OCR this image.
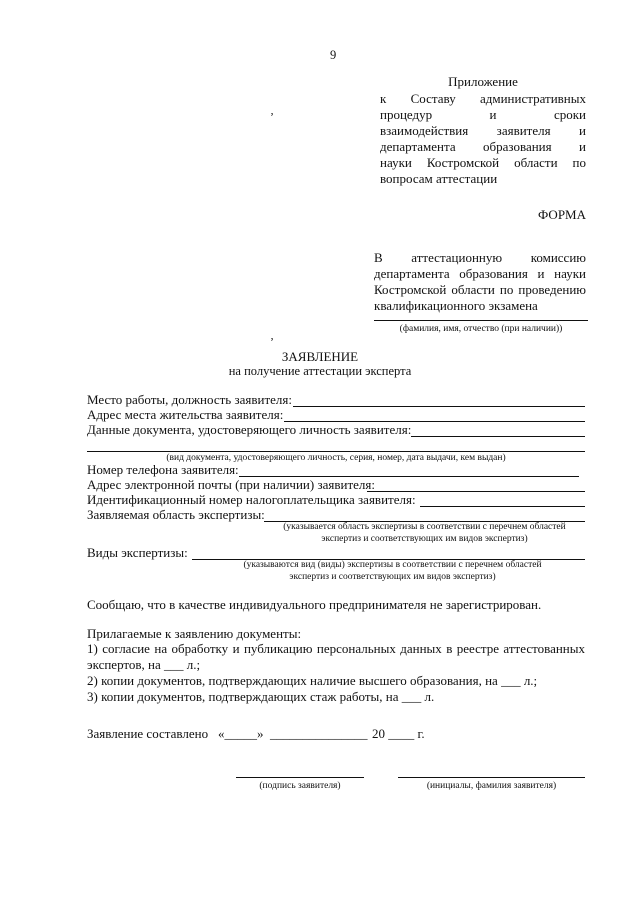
9
Приложение
к Составу административных
процедур и сроки
взаимодействия заявителя и
департамента образования и
науки Костромской области по
вопросам аттестации
ʼ
ʼ
ФОРМА
В аттестационную комиссию
департамента образования и науки
Костромской области по проведению
квалификационного экзамена
(фамилия, имя, отчество (при наличии))
ЗАЯВЛЕНИЕ
на получение аттестации эксперта
Место работы, должность заявителя:
Адрес места жительства заявителя:
Данные документа, удостоверяющего личность заявителя:
(вид документа, удостоверяющего личность, серия, номер, дата выдачи, кем выдан)
Номер телефона заявителя:
Адрес электронной почты (при наличии) заявителя:
Идентификационный номер налогоплательщика заявителя:
Заявляемая область экспертизы:
(указывается область экспертизы в соответствии с перечнем областей
экспертиз и соответствующих им видов экспертиз)
Виды экспертизы:
(указываются вид (виды) экспертизы в соответствии с перечнем областей
экспертиз и соответствующих им видов экспертиз)
Сообщаю, что в качестве индивидуального предпринимателя не зарегистрирован.
Прилагаемые к заявлению документы:
1) согласие на обработку и публикацию персональных данных в реестре аттестованных
экспертов, на ___ л.;
2) копии документов, подтверждающих наличие высшего образования, на ___ л.;
3) копии документов, подтверждающих стаж работы, на ___ л.
Заявление составлено «_____» _______________ 20 ____ г.
(подпись заявителя)	(инициалы, фамилия заявителя)
